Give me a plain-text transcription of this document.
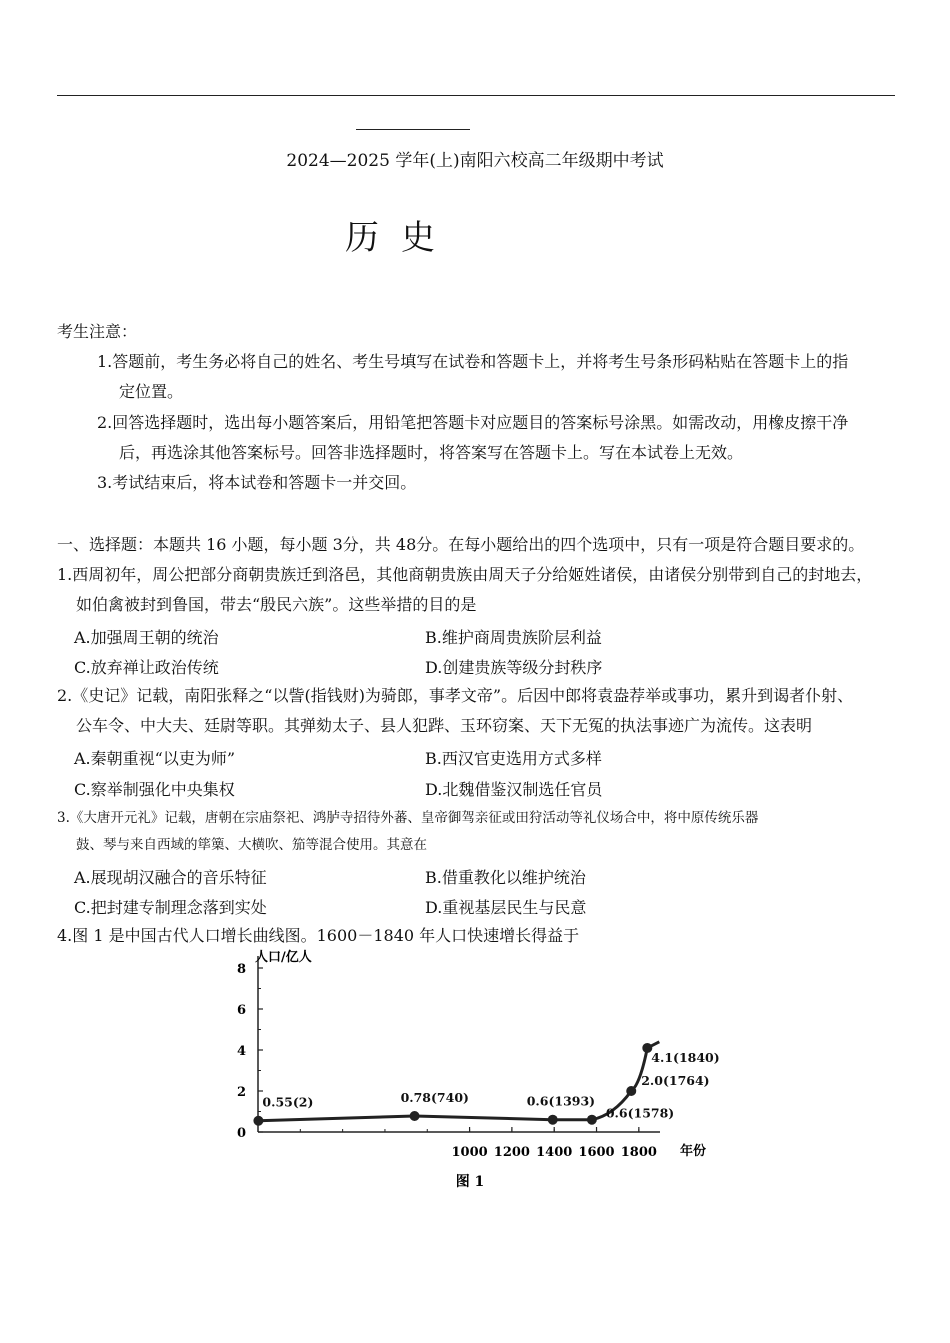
2024—2025 学年(上)南阳六校高二年级期中考试
历史
考生注意：
1.答题前，考生务必将自己的姓名、考生号填写在试卷和答题卡上，并将考生号条形码粘贴在答题卡上的指
定位置。
2.回答选择题时，选出每小题答案后，用铅笔把答题卡对应题目的答案标号涂黑。如需改动，用橡皮擦干净
后，再选涂其他答案标号。回答非选择题时，将答案写在答题卡上。写在本试卷上无效。
3.考试结束后，将本试卷和答题卡一并交回。
一、选择题：本题共 16 小题，每小题 3分，共 48分。在每小题给出的四个选项中，只有一项是符合题目要求的。
1.西周初年，周公把部分商朝贵族迁到洛邑，其他商朝贵族由周天子分给姬姓诸侯，由诸侯分别带到自己的封地去，
如伯禽被封到鲁国，带去“殷民六族”。这些举措的目的是
A.加强周王朝的统治	B.维护商周贵族阶层利益
C.放弃禅让政治传统	D.创建贵族等级分封秩序
2.《史记》记载，南阳张释之“以訾(指钱财)为骑郎，事孝文帝”。后因中郎将袁盎荐举或事功，累升到谒者仆射、
公车令、中大夫、廷尉等职。其弹劾太子、县人犯跸、玉环窃案、天下无冤的执法事迹广为流传。这表明
A.秦朝重视“以吏为师”	B.西汉官吏选用方式多样
C.察举制强化中央集权	D.北魏借鉴汉制选任官员
3.《大唐开元礼》记载，唐朝在宗庙祭祀、鸿胪寺招待外蕃、皇帝御驾亲征或田狩活动等礼仪场合中，将中原传统乐器
鼓、琴与来自西域的筚篥、大横吹、笳等混合使用。其意在
A.展现胡汉融合的音乐特征	B.借重教化以维护统治
C.把封建专制理念落到实处	D.重视基层民生与民意
4.图 1 是中国古代人口增长曲线图。1600－1840 年人口快速增长得益于
0
2
4
6
8
1000 1200 1400 1600 1800
0.55(2)	0.78(740)	0.6(1393)
0.6(1578)
2.0(1764)
4.1(1840)
人口/亿人
年份
图 1
